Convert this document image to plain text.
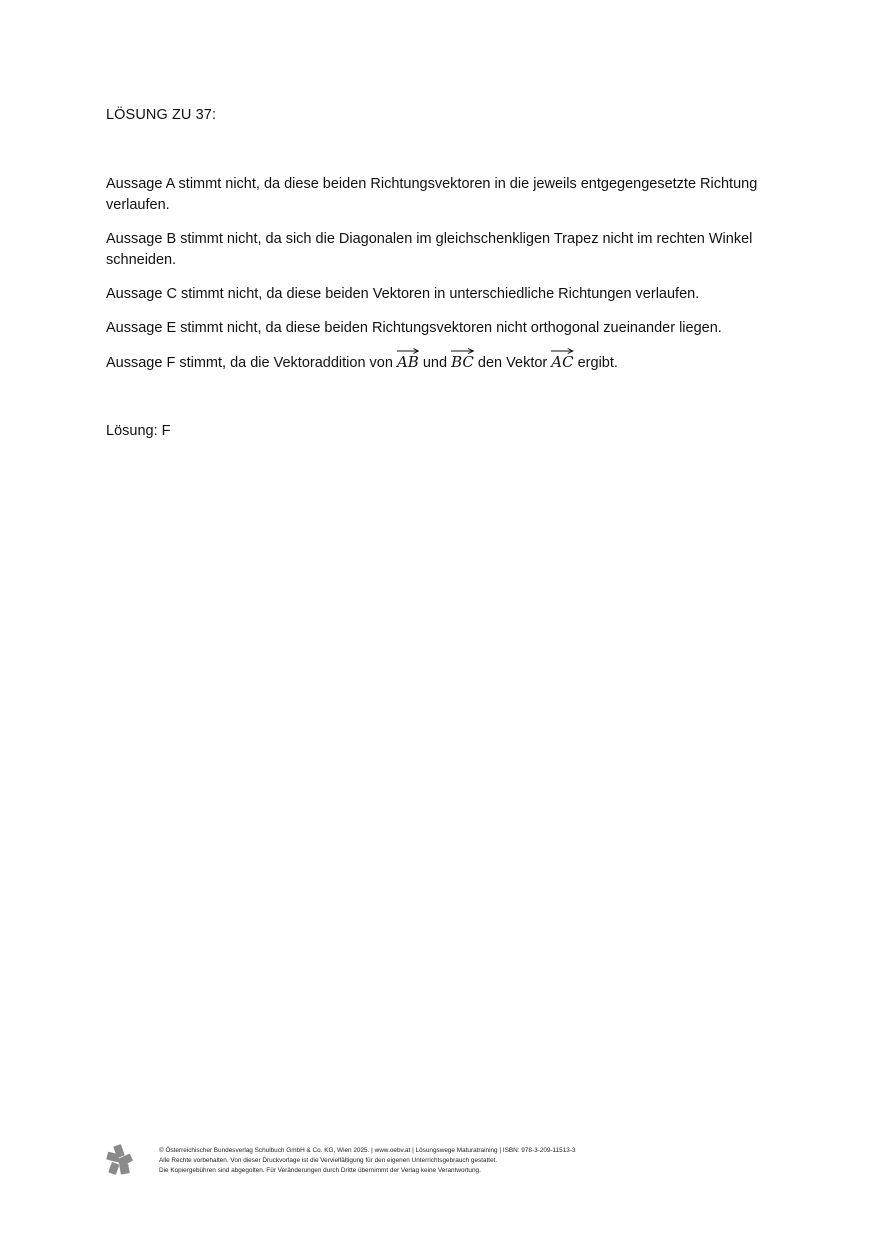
LÖSUNG ZU 37:

Aussage A stimmt nicht, da diese beiden Richtungsvektoren in die jeweils entgegengesetzte Richtung verlaufen.

Aussage B stimmt nicht, da sich die Diagonalen im gleichschenkligen Trapez nicht im rechten Winkel schneiden.

Aussage C stimmt nicht, da diese beiden Vektoren in unterschiedliche Richtungen verlaufen.

Aussage E stimmt nicht, da diese beiden Richtungsvektoren nicht orthogonal zueinander liegen.

Aussage F stimmt, da die Vektoraddition von AB und BC den Vektor AC ergibt.

Lösung: F
© Österreichischer Bundesverlag Schulbuch GmbH & Co. KG, Wien 2025. | www.oebv.at | Lösungswege Maturatraining | ISBN: 978-3-209-11513-3
Alle Rechte vorbehalten. Von dieser Druckvorlage ist die Vervielfältigung für den eigenen Unterrichtsgebrauch gestattet.
Die Kopiergebühren sind abgegolten. Für Veränderungen durch Dritte übernimmt der Verlag keine Verantwortung.
